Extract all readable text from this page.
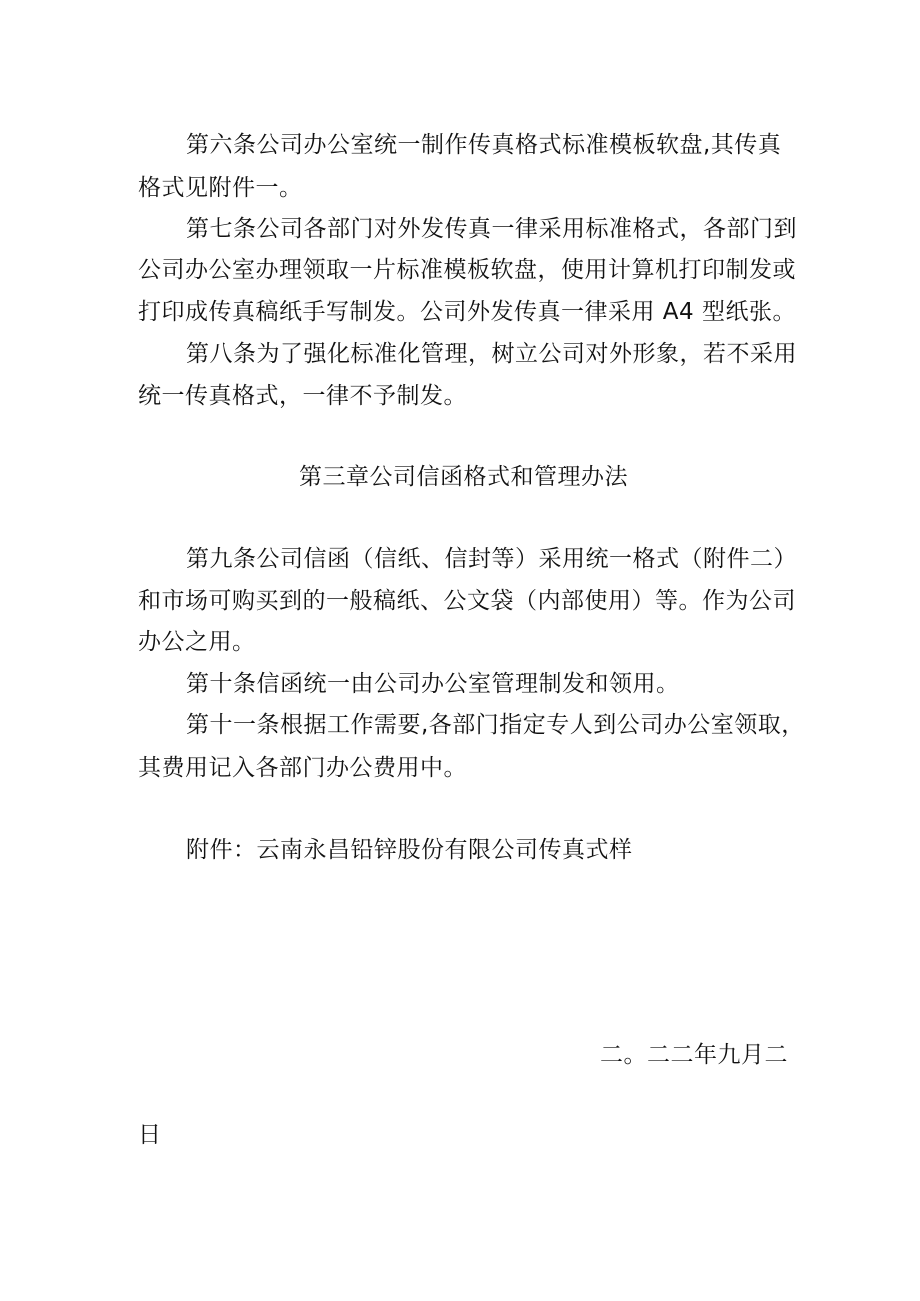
第六条公司办公室统一制作传真格式标准模板软盘,其传真
格式见附件一。
第七条公司各部门对外发传真一律采用标准格式，各部门到
公司办公室办理领取一片标准模板软盘，使用计算机打印制发或
打印成传真稿纸手写制发。公司外发传真一律采用 A4 型纸张。
第八条为了强化标准化管理，树立公司对外形象，若不采用
统一传真格式，一律不予制发。
第三章公司信函格式和管理办法
第九条公司信函（信纸、信封等）采用统一格式（附件二）
和市场可购买到的一般稿纸、公文袋（内部使用）等。作为公司
办公之用。
第十条信函统一由公司办公室管理制发和领用。
第十一条根据工作需要,各部门指定专人到公司办公室领取，
其费用记入各部门办公费用中。
附件：云南永昌铅锌股份有限公司传真式样
二。二二年九月二
日
